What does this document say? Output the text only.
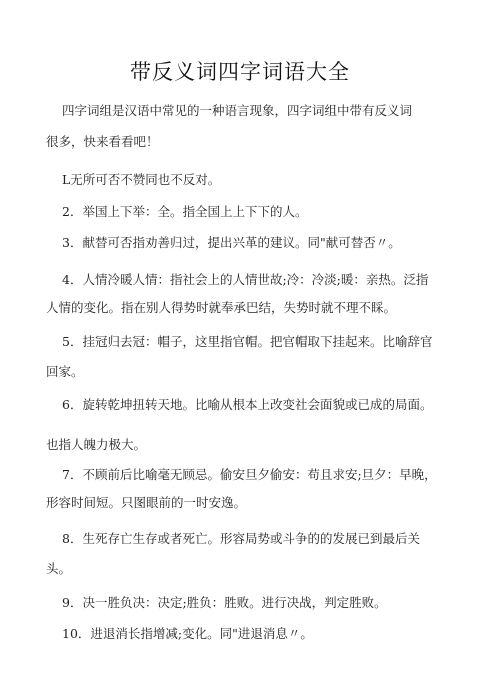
带反义词四字词语大全
四字词组是汉语中常见的一种语言现象，四字词组中带有反义词
很多，快来看看吧！
L无所可否不赞同也不反对。
2．举国上下举：全。指全国上上下下的人。
3．献替可否指劝善归过，提出兴革的建议。同"献可替否〃。
4．人情冷暖人情：指社会上的人情世故;冷：冷淡;暖：亲热。泛指
人情的变化。指在别人得势时就奉承巴结，失势时就不理不睬。
5．挂冠归去冠：帽子，这里指官帽。把官帽取下挂起来。比喻辞官
回家。
6．旋转乾坤扭转天地。比喻从根本上改变社会面貌或已成的局面。
也指人魄力极大。
7．不顾前后比喻毫无顾忌。偷安旦夕偷安：苟且求安;旦夕：早晚，
形容时间短。只图眼前的一时安逸。
8．生死存亡生存或者死亡。形容局势或斗争的的发展已到最后关
头。
9．决一胜负决：决定;胜负：胜败。进行决战，判定胜败。
10．进退消长指增减;变化。同"进退消息〃。
